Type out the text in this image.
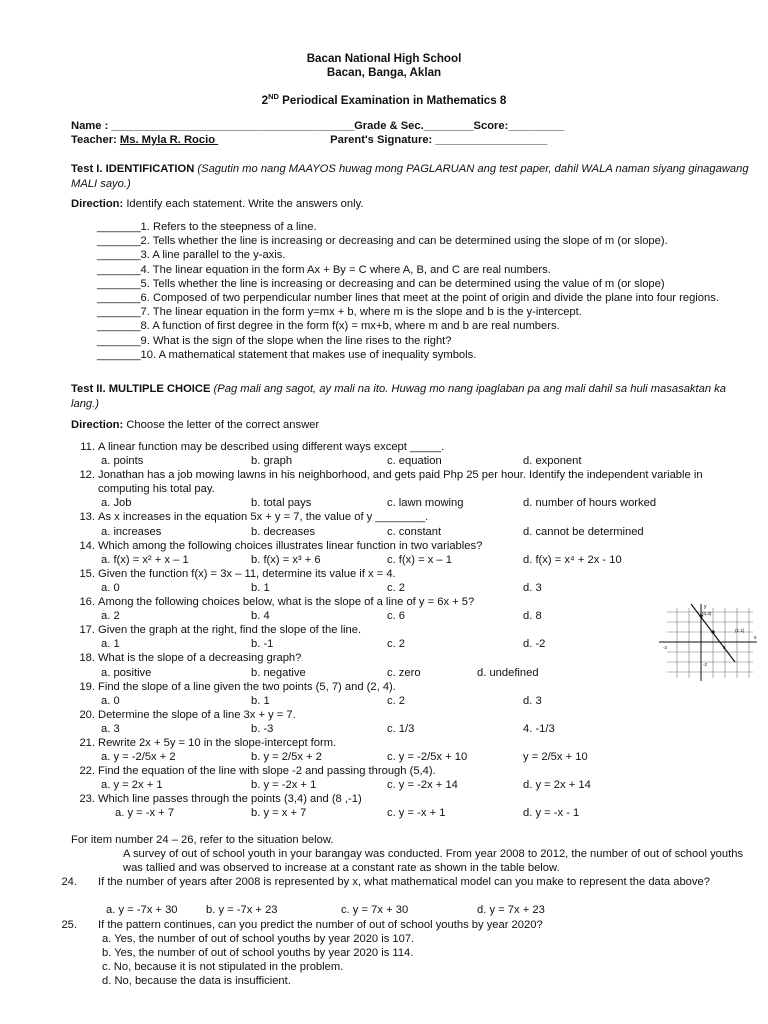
Bacan National High School
Bacan, Banga, Aklan
2ND Periodical Examination in Mathematics 8
Name : _______________________________________Grade & Sec.________Score:_________
Teacher: Ms. Myla R. Rocio	Parent's Signature: __________________
Test I. IDENTIFICATION (Sagutin mo nang MAAYOS huwag mong PAGLARUAN ang test paper, dahil WALA naman siyang ginagawang MALI sayo.)
Direction: Identify each statement. Write the answers only.
_______1. Refers to the steepness of a line.
_______2. Tells whether the line is increasing or decreasing and can be determined using the slope of m (or slope).
_______3. A line parallel to the y-axis.
_______4. The linear equation in the form Ax + By = C where A, B, and C are real numbers.
_______5. Tells whether the line is increasing or decreasing and can be determined using the value of m (or slope)
_______6. Composed of two perpendicular number lines that meet at the point of origin and divide the plane into four regions.
_______7. The linear equation in the form y=mx + b, where m is the slope and b is the y-intercept.
_______8. A function of first degree in the form f(x) = mx+b, where m and b are real numbers.
_______9. What is the sign of the slope when the line rises to the right?
_______10. A mathematical statement that makes use of inequality symbols.
Test II. MULTIPLE CHOICE (Pag mali ang sagot, ay mali na ito. Huwag mo nang ipaglaban pa ang mali dahil sa huli masasaktan ka lang.)
Direction: Choose the letter of the correct answer
11. A linear function may be described using different ways except _____.
a. points	b. graph	c. equation	d. exponent
12. Jonathan has a job mowing lawns in his neighborhood, and gets paid Php 25 per hour. Identify the independent variable in computing his total pay.
a. Job	b. total pays	c. lawn mowing	d. number of hours worked
13. As x increases in the equation 5x + y = 7, the value of y ________.
a. increases	b. decreases	c. constant	d. cannot be determined
14. Which among the following choices illustrates linear function in two variables?
a. f(x) = x² + x – 1	b. f(x) = x³ + 6	c. f(x) = x – 1	d. f(x) = x⁴ + 2x - 10
15. Given the function f(x) = 3x – 11, determine its value if x = 4.
a. 0	b. 1	c. 2	d. 3
16. Among the following choices below, what is the slope of a line of y = 6x + 5?
a. 2	b. 4	c. 6	d. 8
17. Given the graph at the right, find the slope of the line.
a. 1	b. -1	c. 2	d. -2
18. What is the slope of a decreasing graph?
a. positive	b. negative	c. zero	d. undefined
19. Find the slope of a line given the two points (5, 7) and (2, 4).
a. 0	b. 1	c. 2	d. 3
20. Determine the slope of a line 3x + y = 7.
a. 3	b. -3	c. 1/3	4. -1/3
21. Rewrite 2x + 5y = 10 in the slope-intercept form.
a. y = -2/5x + 2	b. y = 2/5x + 2	c. y = -2/5x + 10	y = 2/5x + 10
22. Find the equation of the line with slope -2 and passing through (5,4).
a. y = 2x + 1	b. y = -2x + 1	c. y = -2x + 14	d. y = 2x + 14
23. Which line passes through the points (3,4) and (8 ,-1)
a. y = -x + 7	b. y = x + 7	c. y = -x + 1	d. y = -x - 1
y
(0,3)
(1,1)
x
-2	2
-2
For item number 24 – 26, refer to the situation below.
A survey of out of school youth in your barangay was conducted. From year 2008 to 2012, the number of out of school youths was tallied and was observed to increase at a constant rate as shown in the table below.
24. If the number of years after 2008 is represented by x, what mathematical model can you make to represent the data above?
a. y = -7x + 30	b. y = -7x + 23	c. y = 7x + 30	d. y = 7x + 23
25. If the pattern continues, can you predict the number of out of school youths by year 2020?
a. Yes, the number of out of school youths by year 2020 is 107.
b. Yes, the number of out of school youths by year 2020 is 114.
c. No, because it is not stipulated in the problem.
d. No, because the data is insufficient.
